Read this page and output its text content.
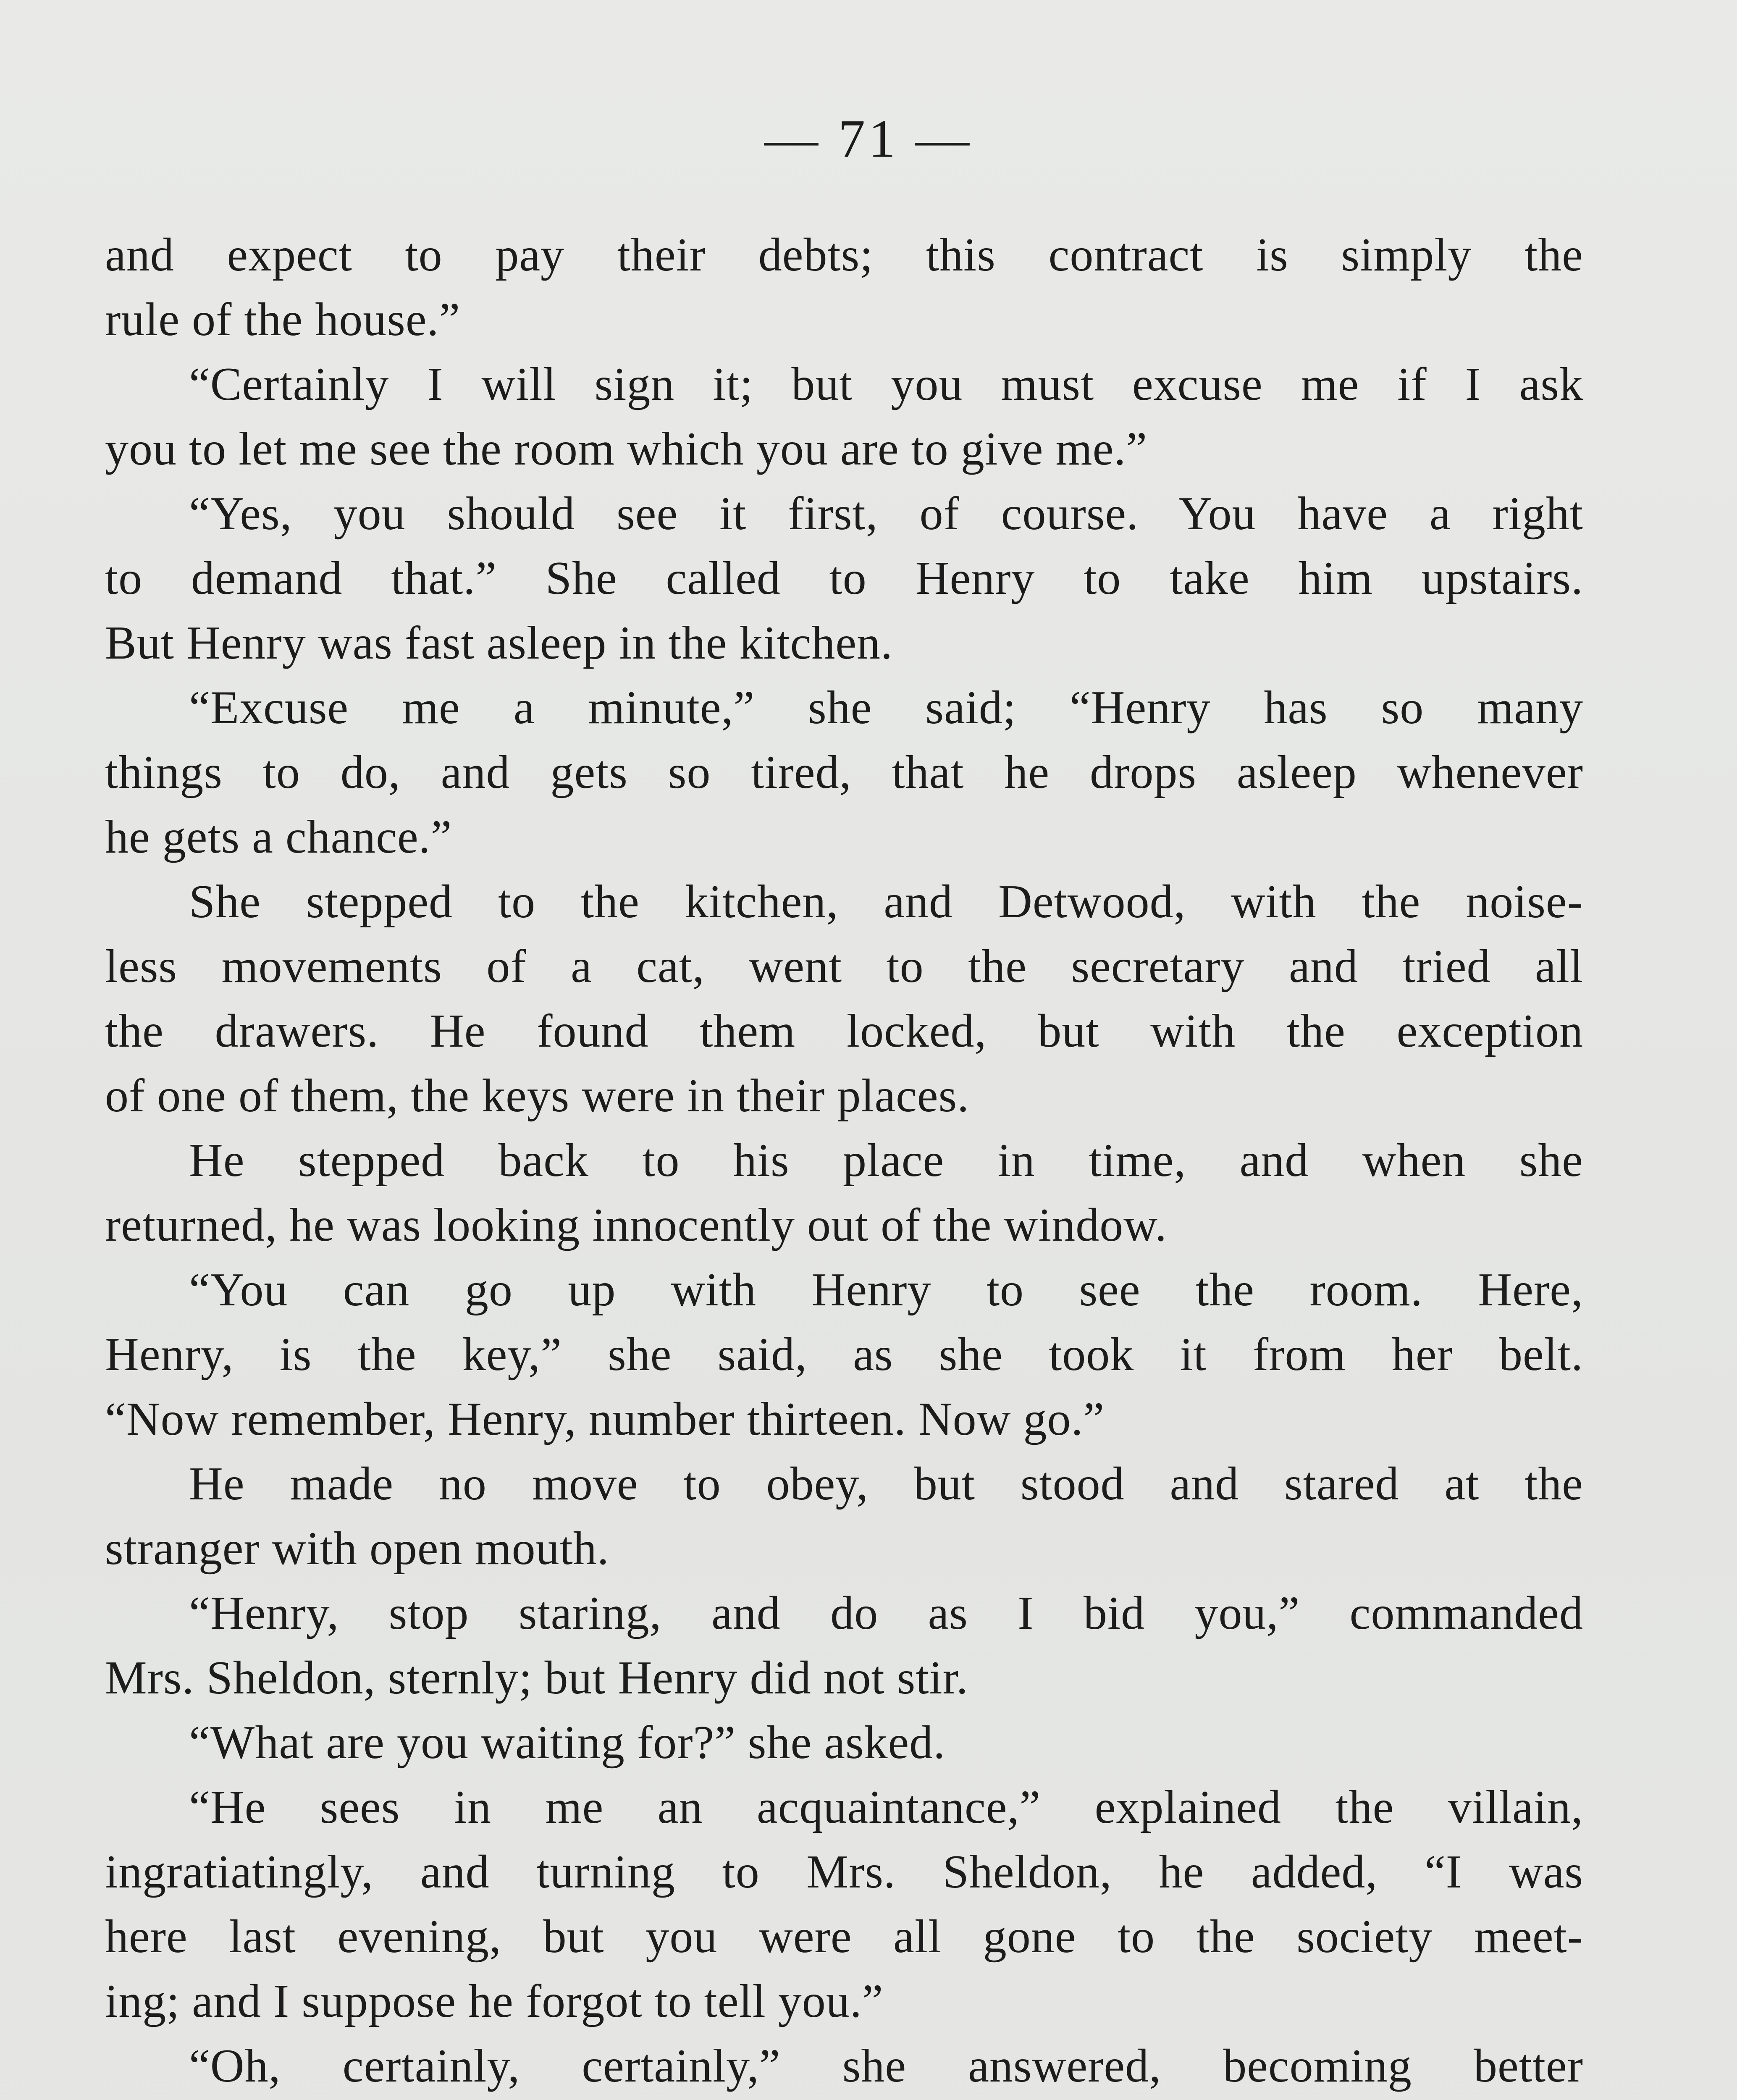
— 71 —
and expect to pay their debts; this contract is simply the
rule of the house.”
“Certainly I will sign it; but you must excuse me if I ask
you to let me see the room which you are to give me.”
“Yes, you should see it first, of course. You have a right
to demand that.” She called to Henry to take him upstairs.
But Henry was fast asleep in the kitchen.
“Excuse me a minute,” she said; “Henry has so many
things to do, and gets so tired, that he drops asleep whenever
he gets a chance.”
She stepped to the kitchen, and Detwood, with the noise-
less movements of a cat, went to the secretary and tried all
the drawers. He found them locked, but with the exception
of one of them, the keys were in their places.
He stepped back to his place in time, and when she
returned, he was looking innocently out of the window.
“You can go up with Henry to see the room. Here,
Henry, is the key,” she said, as she took it from her belt.
“Now remember, Henry, number thirteen. Now go.”
He made no move to obey, but stood and stared at the
stranger with open mouth.
“Henry, stop staring, and do as I bid you,” commanded
Mrs. Sheldon, sternly; but Henry did not stir.
“What are you waiting for?” she asked.
“He sees in me an acquaintance,” explained the villain,
ingratiatingly, and turning to Mrs. Sheldon, he added, “I was
here last evening, but you were all gone to the society meet-
ing; and I suppose he forgot to tell you.”
“Oh, certainly, certainly,” she answered, becoming better
